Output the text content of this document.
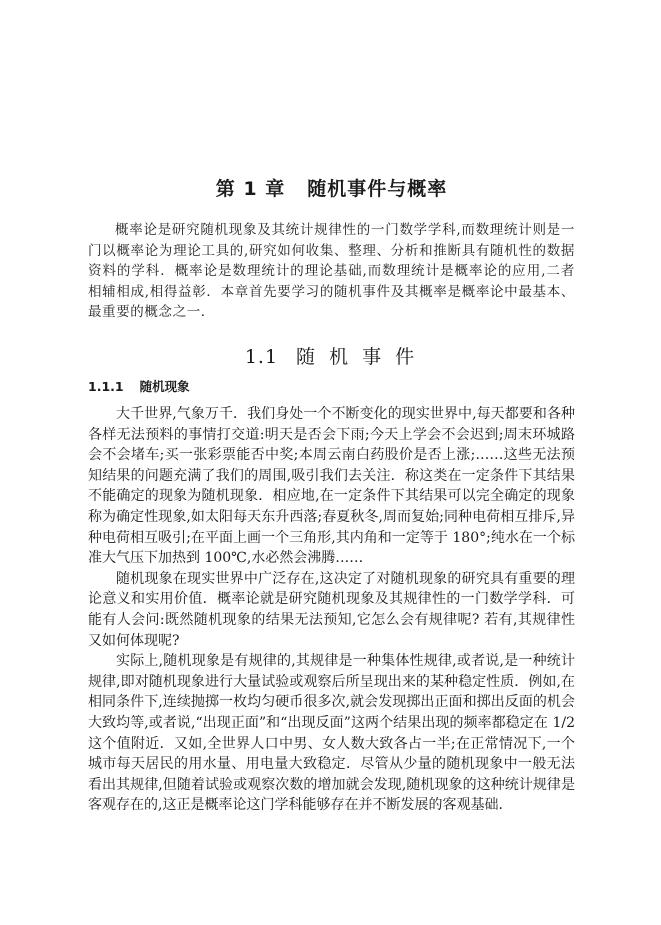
第 1 章 随机事件与概率
概率论是研究随机现象及其统计规律性的一门数学学科,而数理统计则是一门以概率论为理论工具的,研究如何收集、整理、分析和推断具有随机性的数据资料的学科．概率论是数理统计的理论基础,而数理统计是概率论的应用,二者相辅相成,相得益彰．本章首先要学习的随机事件及其概率是概率论中最基本、最重要的概念之一．
1.1 随 机 事 件
1.1.1 随机现象

大千世界,气象万千．我们身处一个不断变化的现实世界中,每天都要和各种各样无法预料的事情打交道:明天是否会下雨;今天上学会不会迟到;周末环城路会不会堵车;买一张彩票能否中奖;本周云南白药股价是否上涨;……这些无法预知结果的问题充满了我们的周围,吸引我们去关注．称这类在一定条件下其结果不能确定的现象为随机现象．相应地,在一定条件下其结果可以完全确定的现象称为确定性现象,如太阳每天东升西落;春夏秋冬,周而复始;同种电荷相互排斥,异种电荷相互吸引;在平面上画一个三角形,其内角和一定等于 180°;纯水在一个标准大气压下加热到 100℃,水必然会沸腾……

随机现象在现实世界中广泛存在,这决定了对随机现象的研究具有重要的理论意义和实用价值．概率论就是研究随机现象及其规律性的一门数学学科．可能有人会问:既然随机现象的结果无法预知,它怎么会有规律呢? 若有,其规律性又如何体现呢?

实际上,随机现象是有规律的,其规律是一种集体性规律,或者说,是一种统计规律,即对随机现象进行大量试验或观察后所呈现出来的某种稳定性质．例如,在相同条件下,连续抛掷一枚均匀硬币很多次,就会发现掷出正面和掷出反面的机会大致均等,或者说,“出现正面”和“出现反面”这两个结果出现的频率都稳定在 1/2 这个值附近．又如,全世界人口中男、女人数大致各占一半;在正常情况下,一个城市每天居民的用水量、用电量大致稳定．尽管从少量的随机现象中一般无法看出其规律,但随着试验或观察次数的增加就会发现,随机现象的这种统计规律是客观存在的,这正是概率论这门学科能够存在并不断发展的客观基础．
